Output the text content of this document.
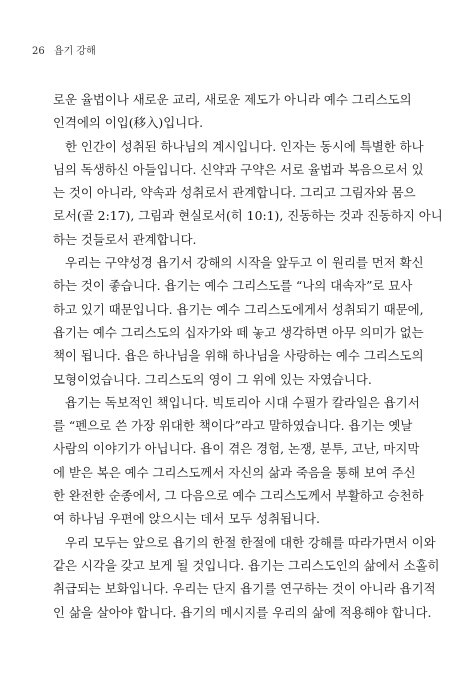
26 욥기 강해
로운 율법이나 새로운 교리, 새로운 제도가 아니라 예수 그리스도의
인격에의 이입(移入)입니다.
한 인간이 성취된 하나님의 계시입니다. 인자는 동시에 특별한 하나
님의 독생하신 아들입니다. 신약과 구약은 서로 율법과 복음으로서 있
는 것이 아니라, 약속과 성취로서 관계합니다. 그리고 그림자와 몸으
로서(골 2:17), 그림과 현실로서(히 10:1), 진동하는 것과 진동하지 아니
하는 것들로서 관계합니다.
우리는 구약성경 욥기서 강해의 시작을 앞두고 이 원리를 먼저 확신
하는 것이 좋습니다. 욥기는 예수 그리스도를 “나의 대속자”로 묘사
하고 있기 때문입니다. 욥기는 예수 그리스도에게서 성취되기 때문에,
욥기는 예수 그리스도의 십자가와 떼 놓고 생각하면 아무 의미가 없는
책이 됩니다. 욥은 하나님을 위해 하나님을 사랑하는 예수 그리스도의
모형이었습니다. 그리스도의 영이 그 위에 있는 자였습니다.
욥기는 독보적인 책입니다. 빅토리아 시대 수필가 칼라일은 욥기서
를 “펜으로 쓴 가장 위대한 책이다”라고 말하였습니다. 욥기는 옛날
사람의 이야기가 아닙니다. 욥이 겪은 경험, 논쟁, 분투, 고난, 마지막
에 받은 복은 예수 그리스도께서 자신의 삶과 죽음을 통해 보여 주신
한 완전한 순종에서, 그 다음으로 예수 그리스도께서 부활하고 승천하
여 하나님 우편에 앉으시는 데서 모두 성취됩니다.
우리 모두는 앞으로 욥기의 한절 한절에 대한 강해를 따라가면서 이와
같은 시각을 갖고 보게 될 것입니다. 욥기는 그리스도인의 삶에서 소홀히
취급되는 보화입니다. 우리는 단지 욥기를 연구하는 것이 아니라 욥기적
인 삶을 살아야 합니다. 욥기의 메시지를 우리의 삶에 적용해야 합니다.
